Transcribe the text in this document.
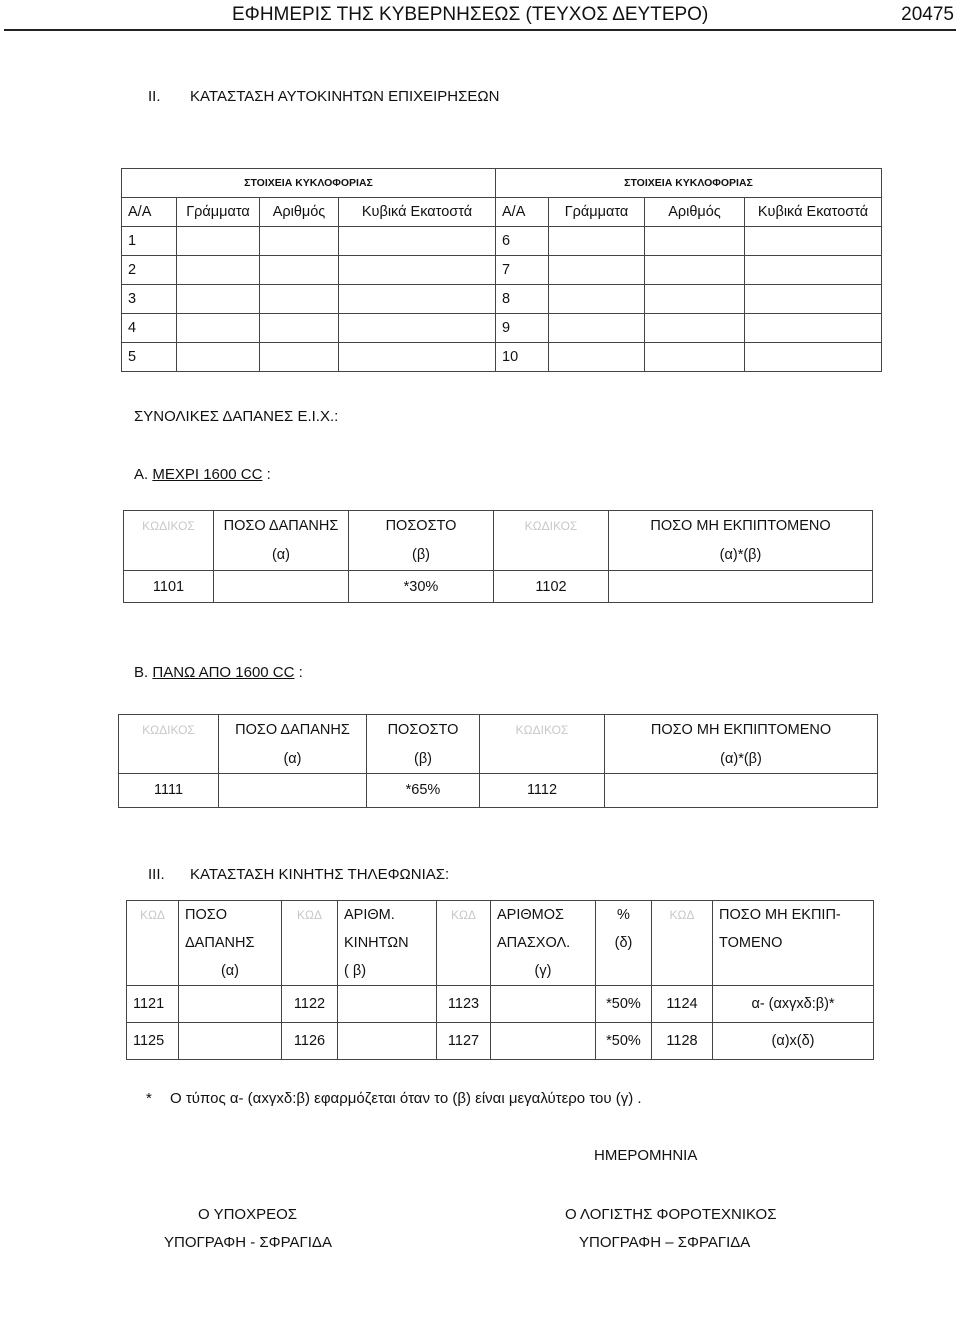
ΕΦΗΜΕΡΙΣ ΤΗΣ ΚΥΒΕΡΝΗΣΕΩΣ (ΤΕΥΧΟΣ ΔΕΥΤΕΡΟ)	20475
II. ΚΑΤΑΣΤΑΣΗ ΑΥΤΟΚΙΝΗΤΩΝ ΕΠΙΧΕΙΡΗΣΕΩΝ
ΣΤΟΙΧΕΙΑ ΚΥΚΛΟΦΟΡΙΑΣ				ΣΤΟΙΧΕΙΑ ΚΥΚΛΟΦΟΡΙΑΣ			
Α/Α	Γράμματα	Αριθμός	Κυβικά Εκατοστά	Α/Α	Γράμματα	Αριθμός	Κυβικά Εκατοστά
1				6			
2				7			
3				8			
4				9			
5				10			
ΣΥΝΟΛΙΚΕΣ ΔΑΠΑΝΕΣ Ε.Ι.Χ.:
Α. ΜΕΧΡΙ 1600 CC :
ΚΩΔΙΚΟΣ	ΠΟΣΟ ΔΑΠΑΝΗΣ	ΠΟΣΟΣΤΟ	ΚΩΔΙΚΟΣ	ΠΟΣΟ ΜΗ ΕΚΠΙΠΤΟΜΕΝΟ
	(α)	(β)		(α)*(β)
1101		*30%	1102	
Β. ΠΑΝΩ ΑΠΟ 1600 CC :
ΚΩΔΙΚΟΣ	ΠΟΣΟ ΔΑΠΑΝΗΣ	ΠΟΣΟΣΤΟ	ΚΩΔΙΚΟΣ	ΠΟΣΟ ΜΗ ΕΚΠΙΠΤΟΜΕΝΟ
	(α)	(β)		(α)*(β)
1111		*65%	1112	
III. ΚΑΤΑΣΤΑΣΗ ΚΙΝΗΤΗΣ ΤΗΛΕΦΩΝΙΑΣ:
ΚΩΔ	ΠΟΣΟ	ΚΩΔ	ΑΡΙΘΜ.	ΚΩΔ	ΑΡΙΘΜΟΣ	%	ΚΩΔ	ΠΟΣΟ ΜΗ ΕΚΠΙΠ-
	ΔΑΠΑΝΗΣ		ΚΙΝΗΤΩΝ		ΑΠΑΣΧΟΛ.	(δ)		ΤΟΜΕΝΟ
	(α)		( β)		(γ)			
1121		1122		1123		*50%	1124	α- (αxγxδ:β)*
1125		1126		1127		*50%	1128	(α)x(δ)
* Ο τύπος α- (αxγxδ:β) εφαρμόζεται όταν το (β) είναι μεγαλύτερο του (γ) .
ΗΜΕΡΟΜΗΝΙΑ
Ο ΥΠΟΧΡΕΟΣ
ΥΠΟΓΡΑΦΗ - ΣΦΡΑΓΙΔΑ
Ο ΛΟΓΙΣΤΗΣ ΦΟΡΟΤΕΧΝΙΚΟΣ
ΥΠΟΓΡΑΦΗ – ΣΦΡΑΓΙΔΑ
